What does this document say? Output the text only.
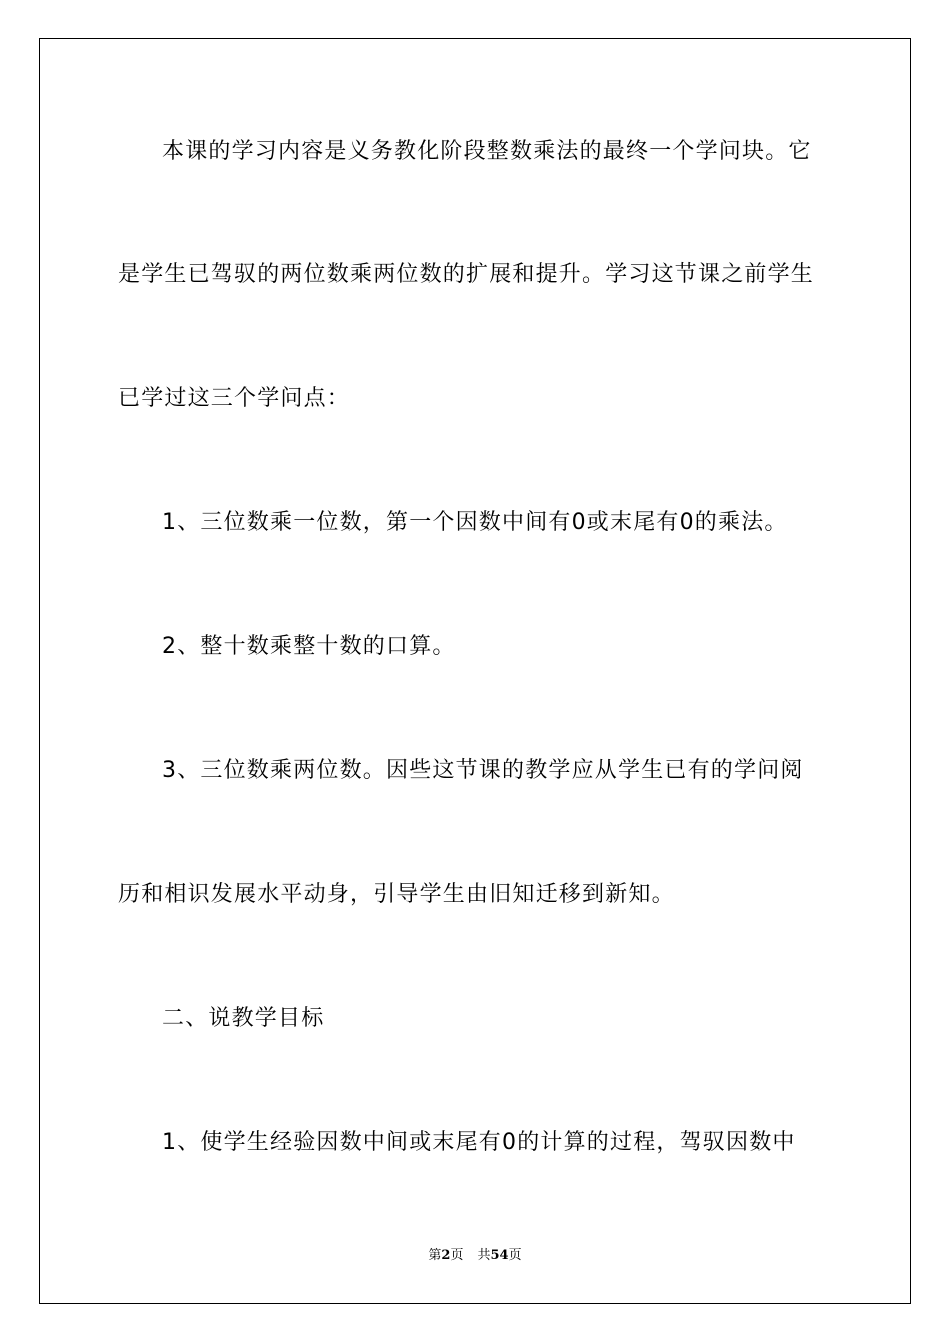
本课的学习内容是义务教化阶段整数乘法的最终一个学问块。它
是学生已驾驭的两位数乘两位数的扩展和提升。学习这节课之前学生
已学过这三个学问点：
1、三位数乘一位数，第一个因数中间有0或末尾有0的乘法。
2、整十数乘整十数的口算。
3、三位数乘两位数。因些这节课的教学应从学生已有的学问阅
历和相识发展水平动身，引导学生由旧知迁移到新知。
二、说教学目标
1、使学生经验因数中间或末尾有0的计算的过程，驾驭因数中
第2页 共54页
